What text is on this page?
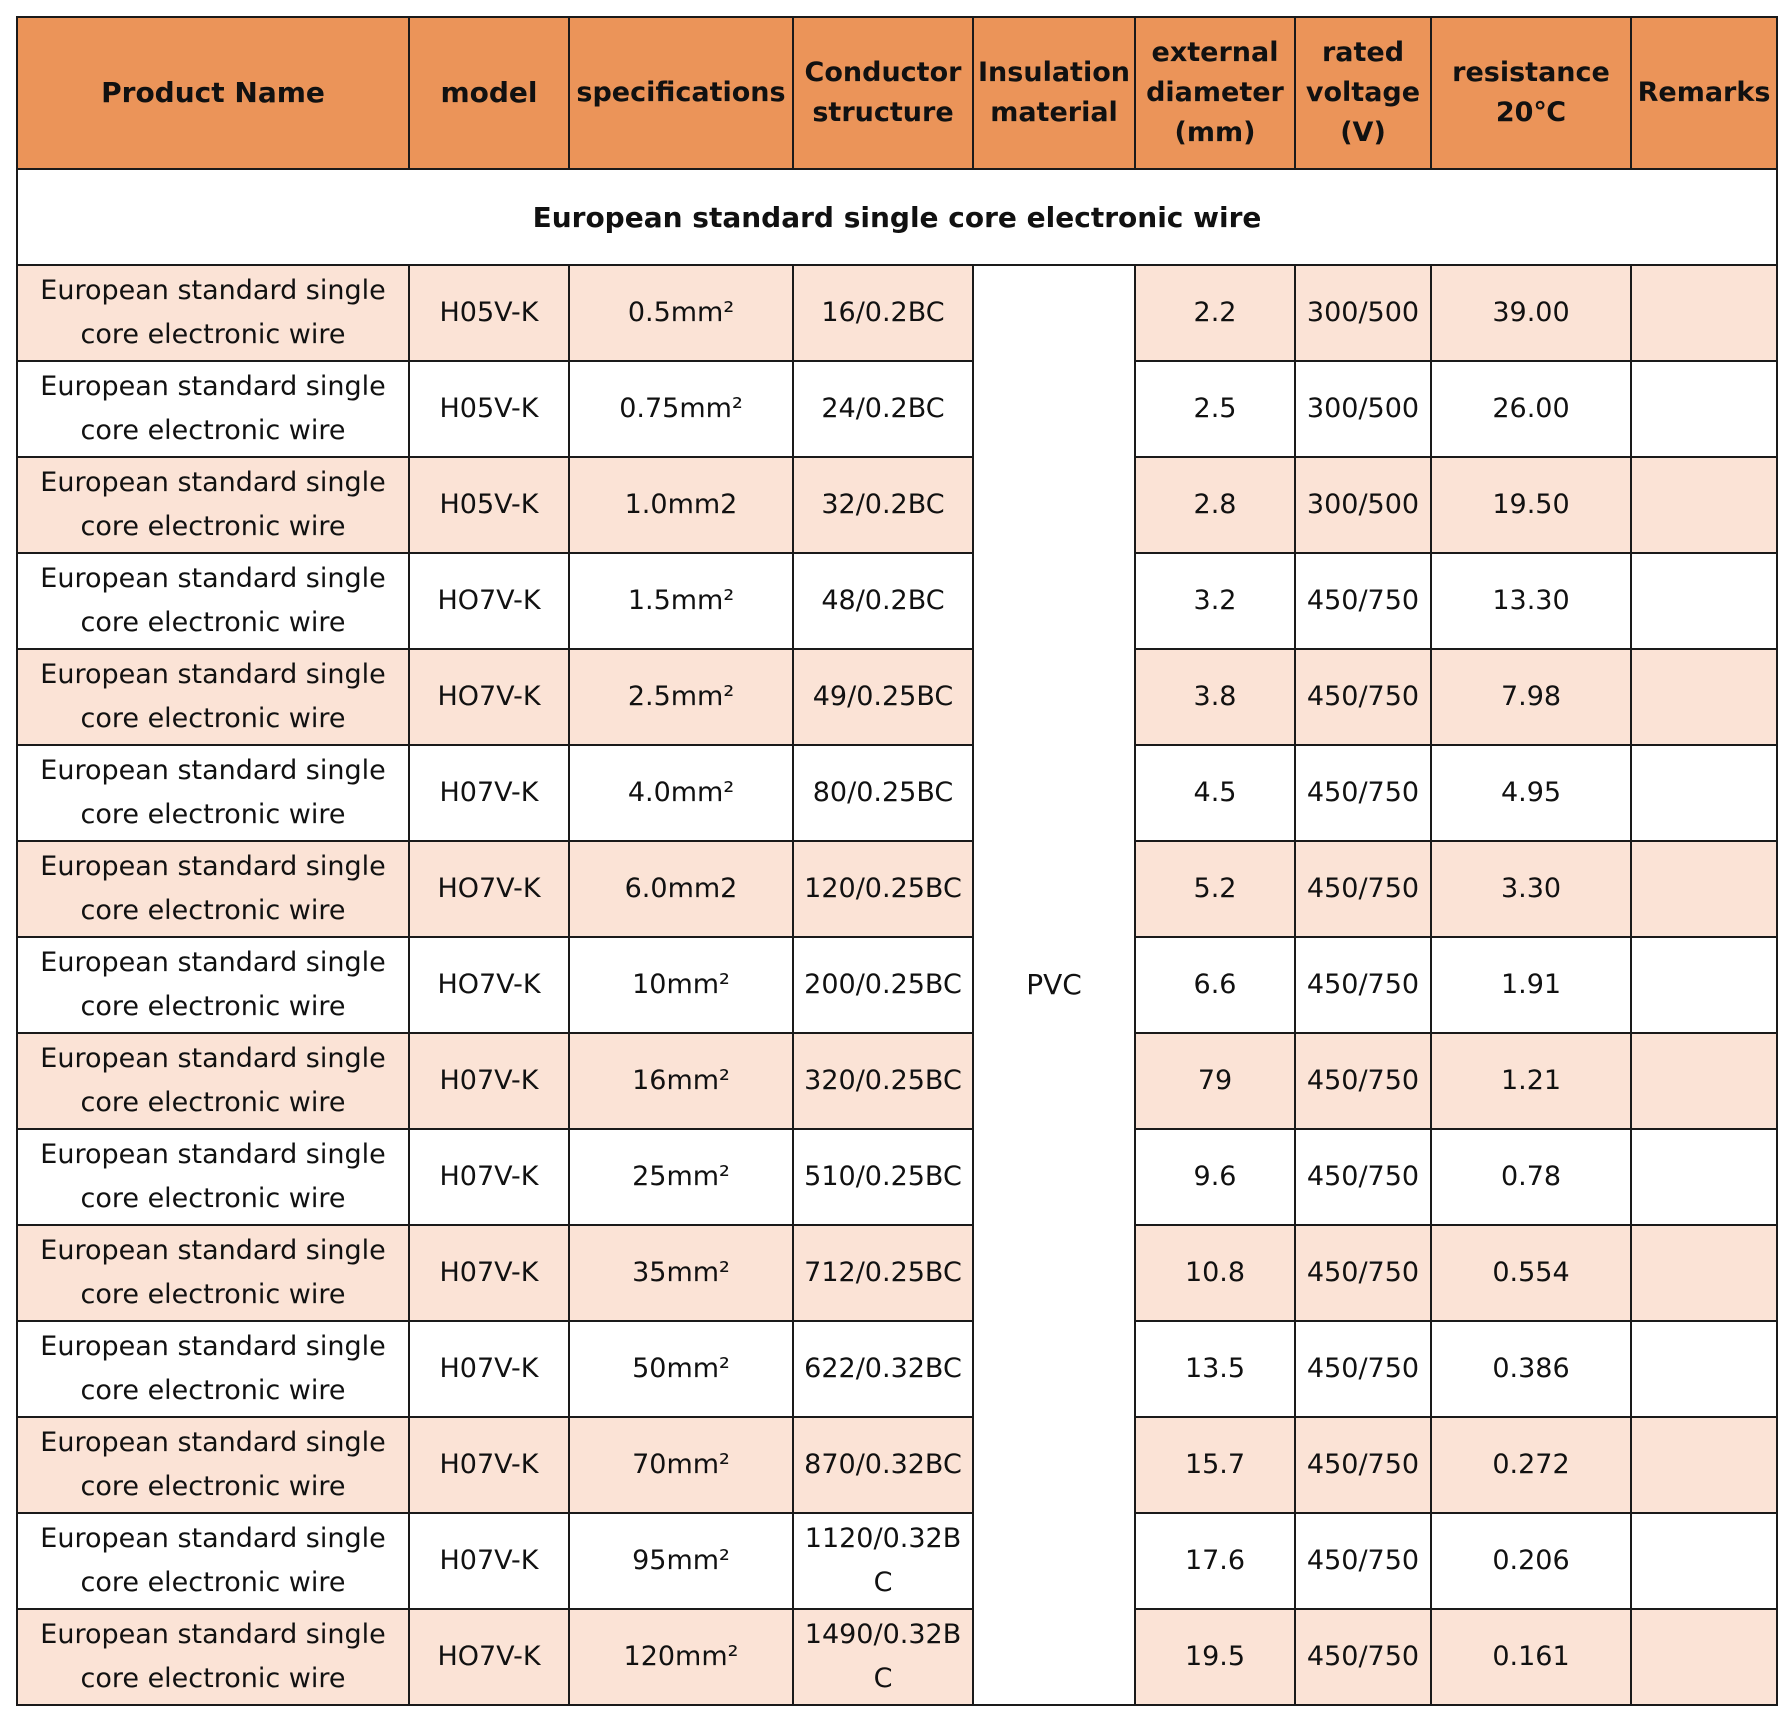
Product Name	model	specifications	Conductor structure	Insulation material	external diameter (mm)	rated voltage (V)	resistance 20℃	Remarks
European standard single core electronic wire								
European standard single core electronic wire	H05V-K	0.5mm²	16/0.2BC	PVC	2.2	300/500	39.00	
European standard single core electronic wire	H05V-K	0.75mm²	24/0.2BC		2.5	300/500	26.00	
European standard single core electronic wire	H05V-K	1.0mm2	32/0.2BC		2.8	300/500	19.50	
European standard single core electronic wire	HO7V-K	1.5mm²	48/0.2BC		3.2	450/750	13.30	
European standard single core electronic wire	HO7V-K	2.5mm²	49/0.25BC		3.8	450/750	7.98	
European standard single core electronic wire	H07V-K	4.0mm²	80/0.25BC		4.5	450/750	4.95	
European standard single core electronic wire	HO7V-K	6.0mm2	120/0.25BC		5.2	450/750	3.30	
European standard single core electronic wire	HO7V-K	10mm²	200/0.25BC		6.6	450/750	1.91	
European standard single core electronic wire	H07V-K	16mm²	320/0.25BC		79	450/750	1.21	
European standard single core electronic wire	H07V-K	25mm²	510/0.25BC		9.6	450/750	0.78	
European standard single core electronic wire	H07V-K	35mm²	712/0.25BC		10.8	450/750	0.554	
European standard single core electronic wire	H07V-K	50mm²	622/0.32BC		13.5	450/750	0.386	
European standard single core electronic wire	H07V-K	70mm²	870/0.32BC		15.7	450/750	0.272	
European standard single core electronic wire	H07V-K	95mm²	1120/0.32BC		17.6	450/750	0.206	
European standard single core electronic wire	HO7V-K	120mm²	1490/0.32BC		19.5	450/750	0.161	
